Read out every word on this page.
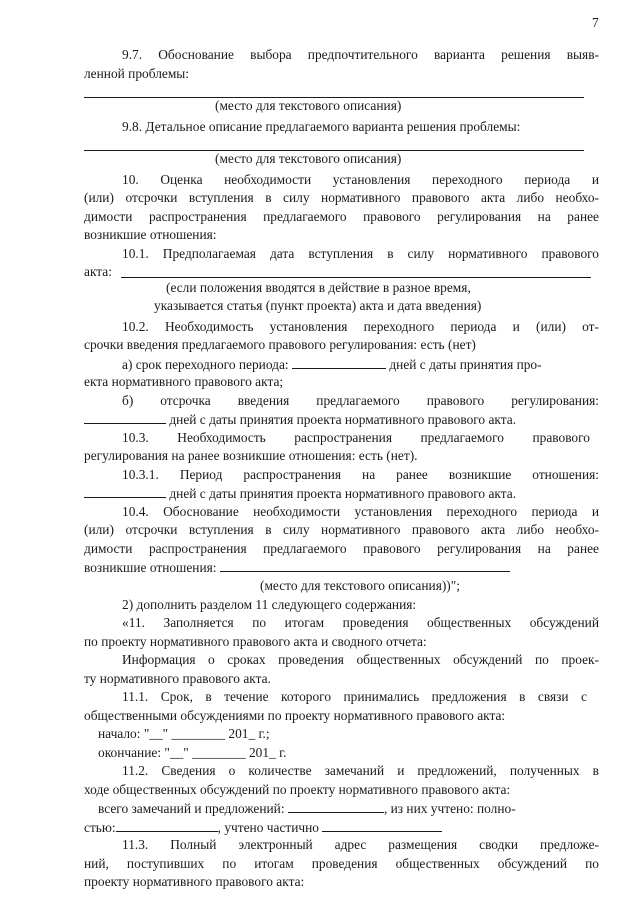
7
9.7. Обоснование выбора предпочтительного варианта решения выяв-
ленной проблемы:
(место для текстового описания)
9.8. Детальное описание предлагаемого варианта решения проблемы:
(место для текстового описания)
10. Оценка необходимости установления переходного периода и
(или) отсрочки вступления в силу нормативного правового акта либо необхо-
димости распространения предлагаемого правового регулирования на ранее
возникшие отношения:
10.1. Предполагаемая дата вступления в силу нормативного правового
акта:
(если положения вводятся в действие в разное время,
указывается статья (пункт проекта) акта и дата введения)
10.2. Необходимость установления переходного периода и (или) от-
срочки введения предлагаемого правового регулирования: есть (нет)
а) срок переходного периода:	дней с даты принятия про-
екта нормативного правового акта;
б) отсрочка введения предлагаемого правового регулирования:
дней с даты принятия проекта нормативного правового акта.
10.3. Необходимость распространения предлагаемого правового
регулирования на ранее возникшие отношения: есть (нет).
10.3.1. Период распространения на ранее возникшие отношения:
дней с даты принятия проекта нормативного правового акта.
10.4. Обоснование необходимости установления переходного периода и
(или) отсрочки вступления в силу нормативного правового акта либо необхо-
димости распространения предлагаемого правового регулирования на ранее
возникшие отношения:
(место для текстового описания))";
2) дополнить разделом 11 следующего содержания:
«11. Заполняется по итогам проведения общественных обсуждений
по проекту нормативного правового акта и сводного отчета:
Информация о сроках проведения общественных обсуждений по проек-
ту нормативного правового акта.
11.1. Срок, в течение которого принимались предложения в связи с
общественными обсуждениями по проекту нормативного правового акта:
начало: "__" ________ 201_ г.;
окончание: "__" ________ 201_ г.
11.2. Сведения о количестве замечаний и предложений, полученных в
ходе общественных обсуждений по проекту нормативного правового акта:
всего замечаний и предложений:	, из них учтено: полно-
стью:	, учтено частично
11.3. Полный электронный адрес размещения сводки предложе-
ний, поступивших по итогам проведения общественных обсуждений по
проекту нормативного правового акта:
